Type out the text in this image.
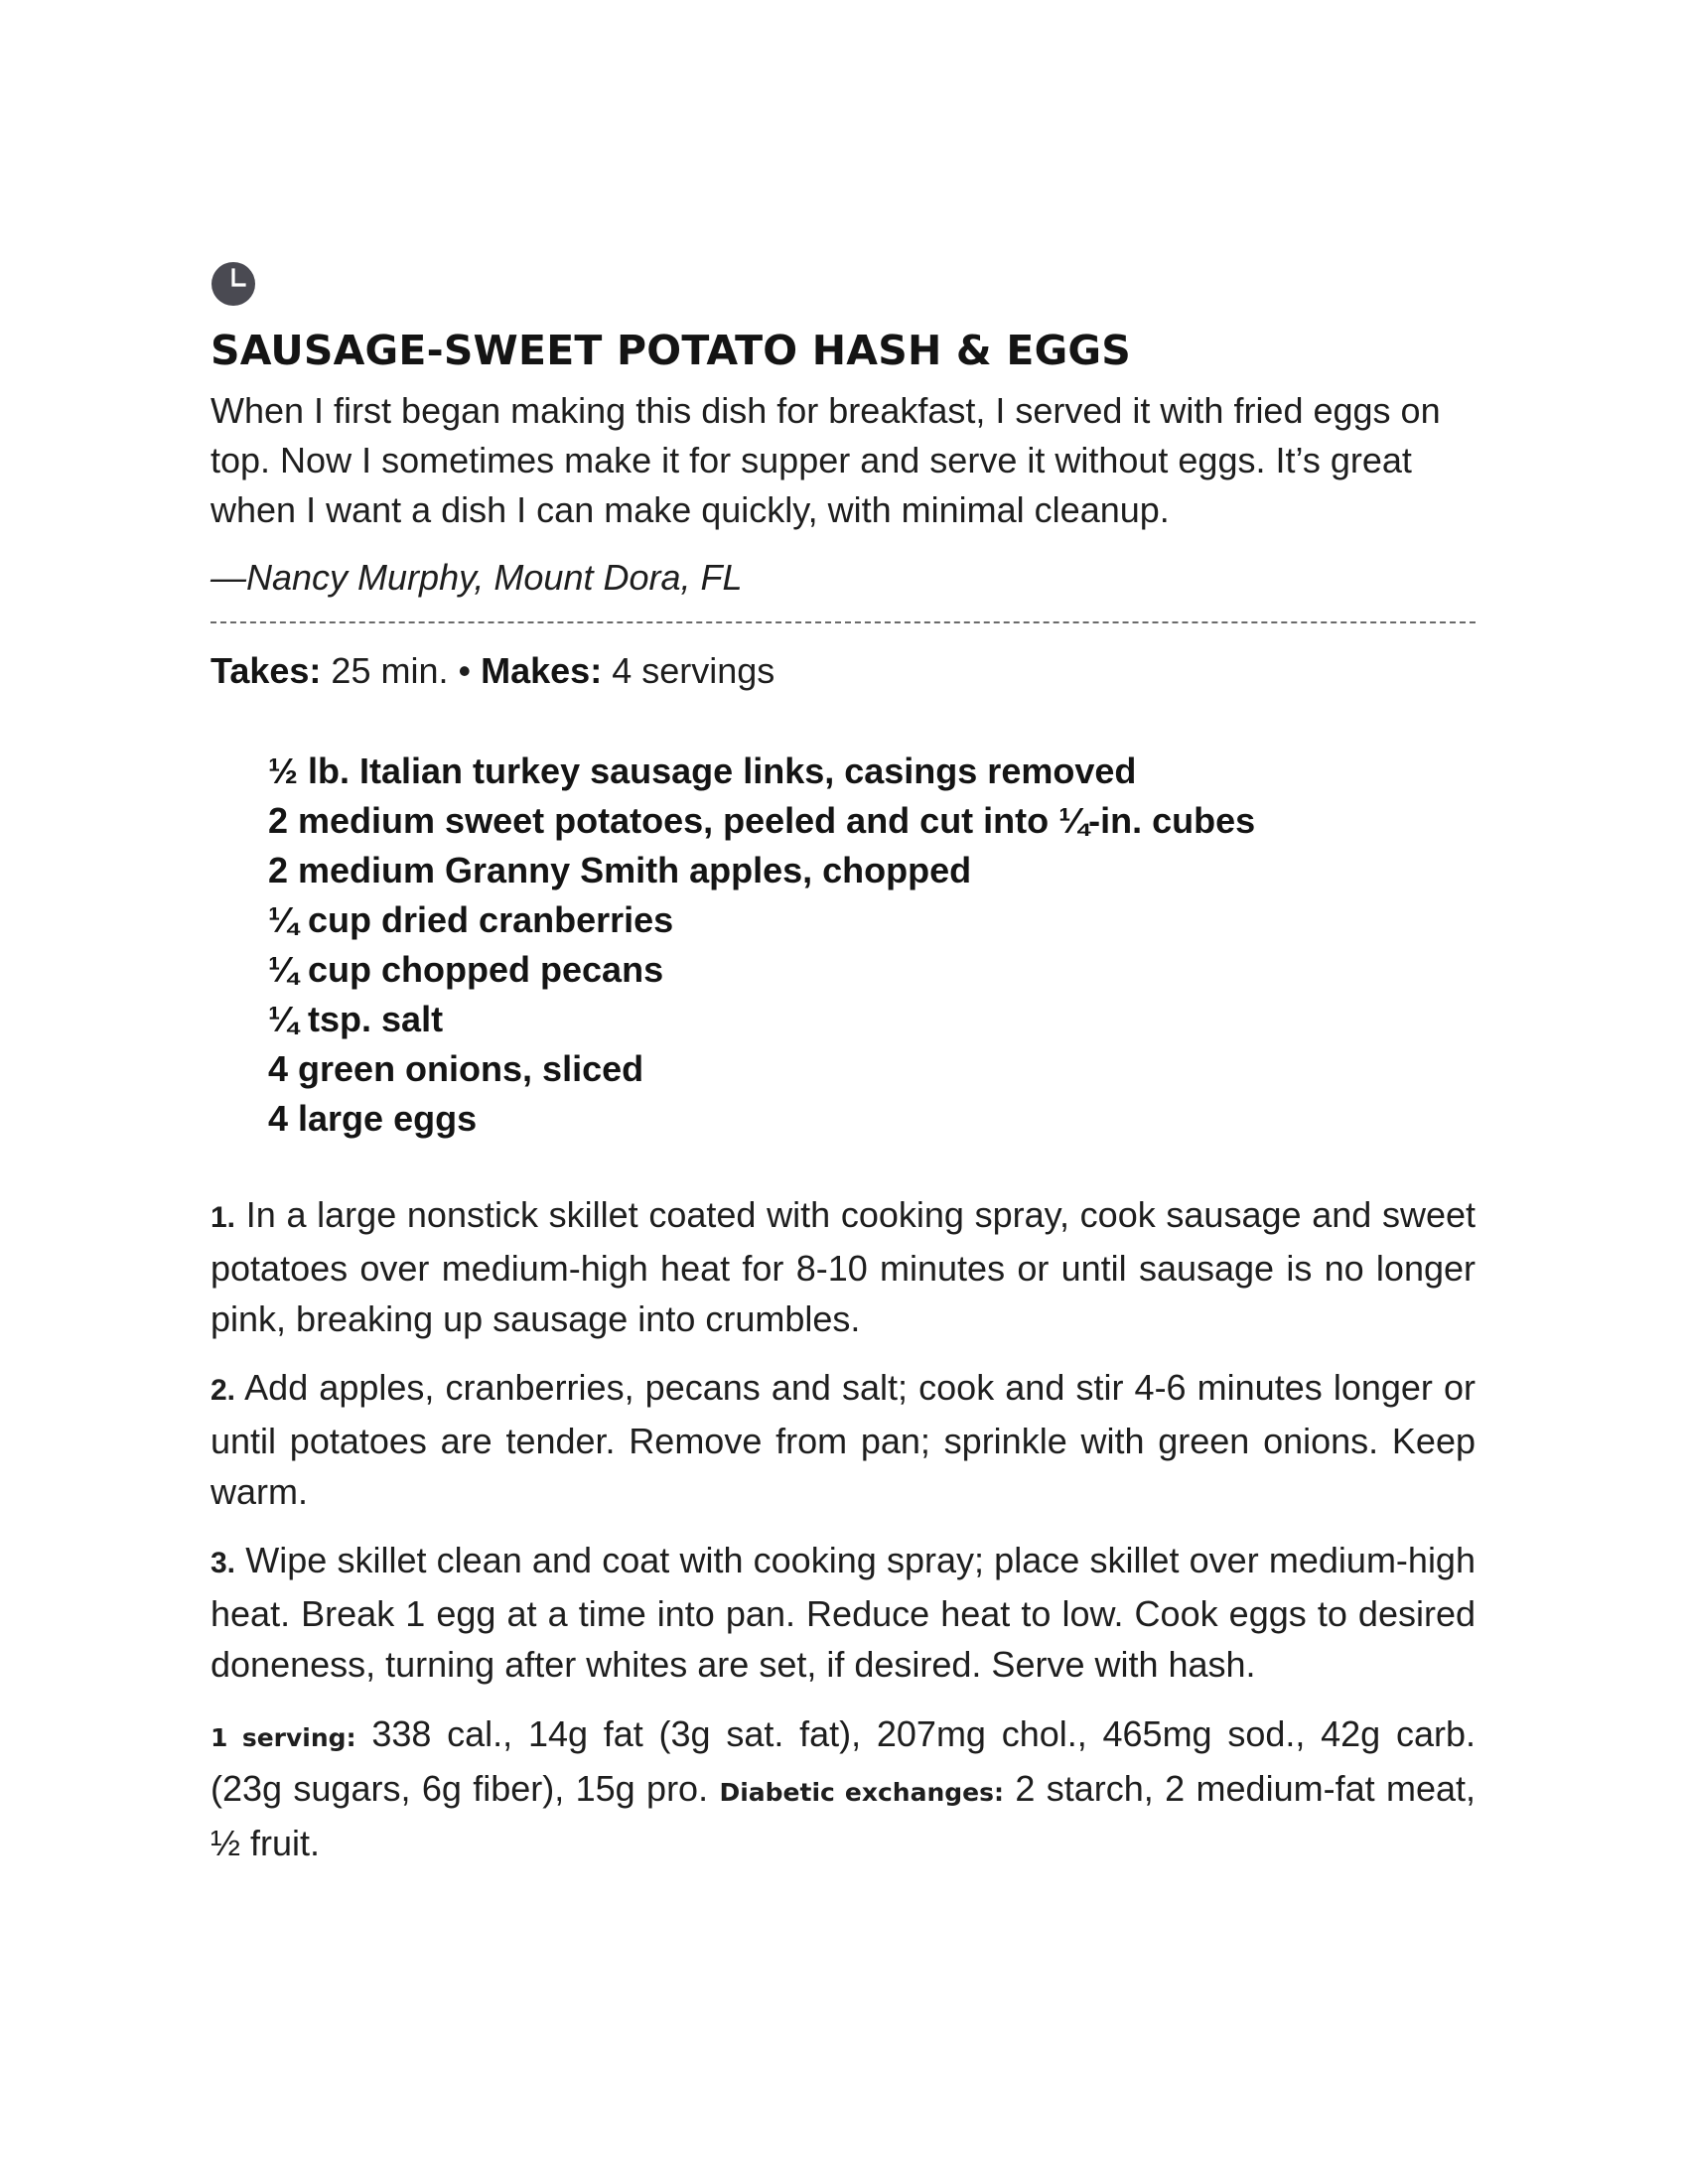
SAUSAGE-SWEET POTATO HASH & EGGS

When I first began making this dish for breakfast, I served it with fried eggs on top. Now I sometimes make it for supper and serve it without eggs. It’s great when I want a dish I can make quickly, with minimal cleanup.

—Nancy Murphy, Mount Dora, FL

Takes: 25 min. • Makes: 4 servings

½ lb. Italian turkey sausage links, casings removed
2 medium sweet potatoes, peeled and cut into ¼-in. cubes
2 medium Granny Smith apples, chopped
¼ cup dried cranberries
¼ cup chopped pecans
¼ tsp. salt
4 green onions, sliced
4 large eggs

1. In a large nonstick skillet coated with cooking spray, cook sausage and sweet potatoes over medium-high heat for 8-10 minutes or until sausage is no longer pink, breaking up sausage into crumbles.

2. Add apples, cranberries, pecans and salt; cook and stir 4-6 minutes longer or until potatoes are tender. Remove from pan; sprinkle with green onions. Keep warm.

3. Wipe skillet clean and coat with cooking spray; place skillet over medium-high heat. Break 1 egg at a time into pan. Reduce heat to low. Cook eggs to desired doneness, turning after whites are set, if desired. Serve with hash.

1 serving: 338 cal., 14g fat (3g sat. fat), 207mg chol., 465mg sod., 42g carb. (23g sugars, 6g fiber), 15g pro. Diabetic exchanges: 2 starch, 2 medium-fat meat, ½ fruit.
